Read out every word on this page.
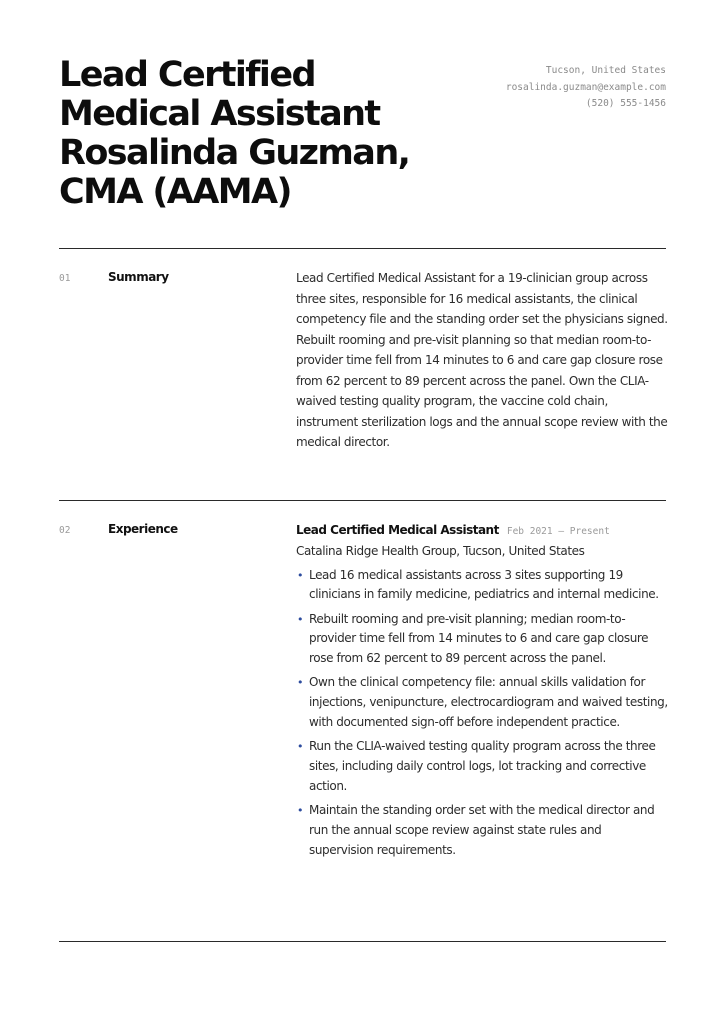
Lead Certified
Medical Assistant
Rosalinda Guzman,
CMA (AAMA)
Tucson, United States
rosalinda.guzman@example.com
(520) 555-1456
01	Summary	Lead Certified Medical Assistant for a 19-clinician group across three sites, responsible for 16 medical assistants, the clinical competency file and the standing order set the physicians signed. Rebuilt rooming and pre-visit planning so that median room-to-provider time fell from 14 minutes to 6 and care gap closure rose from 62 percent to 89 percent across the panel. Own the CLIA-waived testing quality program, the vaccine cold chain, instrument sterilization logs and the annual scope review with the medical director.

02	Experience	Lead Certified Medical Assistant Feb 2021 — Present
Catalina Ridge Health Group, Tucson, United States
• Lead 16 medical assistants across 3 sites supporting 19 clinicians in family medicine, pediatrics and internal medicine.
• Rebuilt rooming and pre-visit planning; median room-to-provider time fell from 14 minutes to 6 and care gap closure rose from 62 percent to 89 percent across the panel.
• Own the clinical competency file: annual skills validation for injections, venipuncture, electrocardiogram and waived testing, with documented sign-off before independent practice.
• Run the CLIA-waived testing quality program across the three sites, including daily control logs, lot tracking and corrective action.
• Maintain the standing order set with the medical director and run the annual scope review against state rules and supervision requirements.
